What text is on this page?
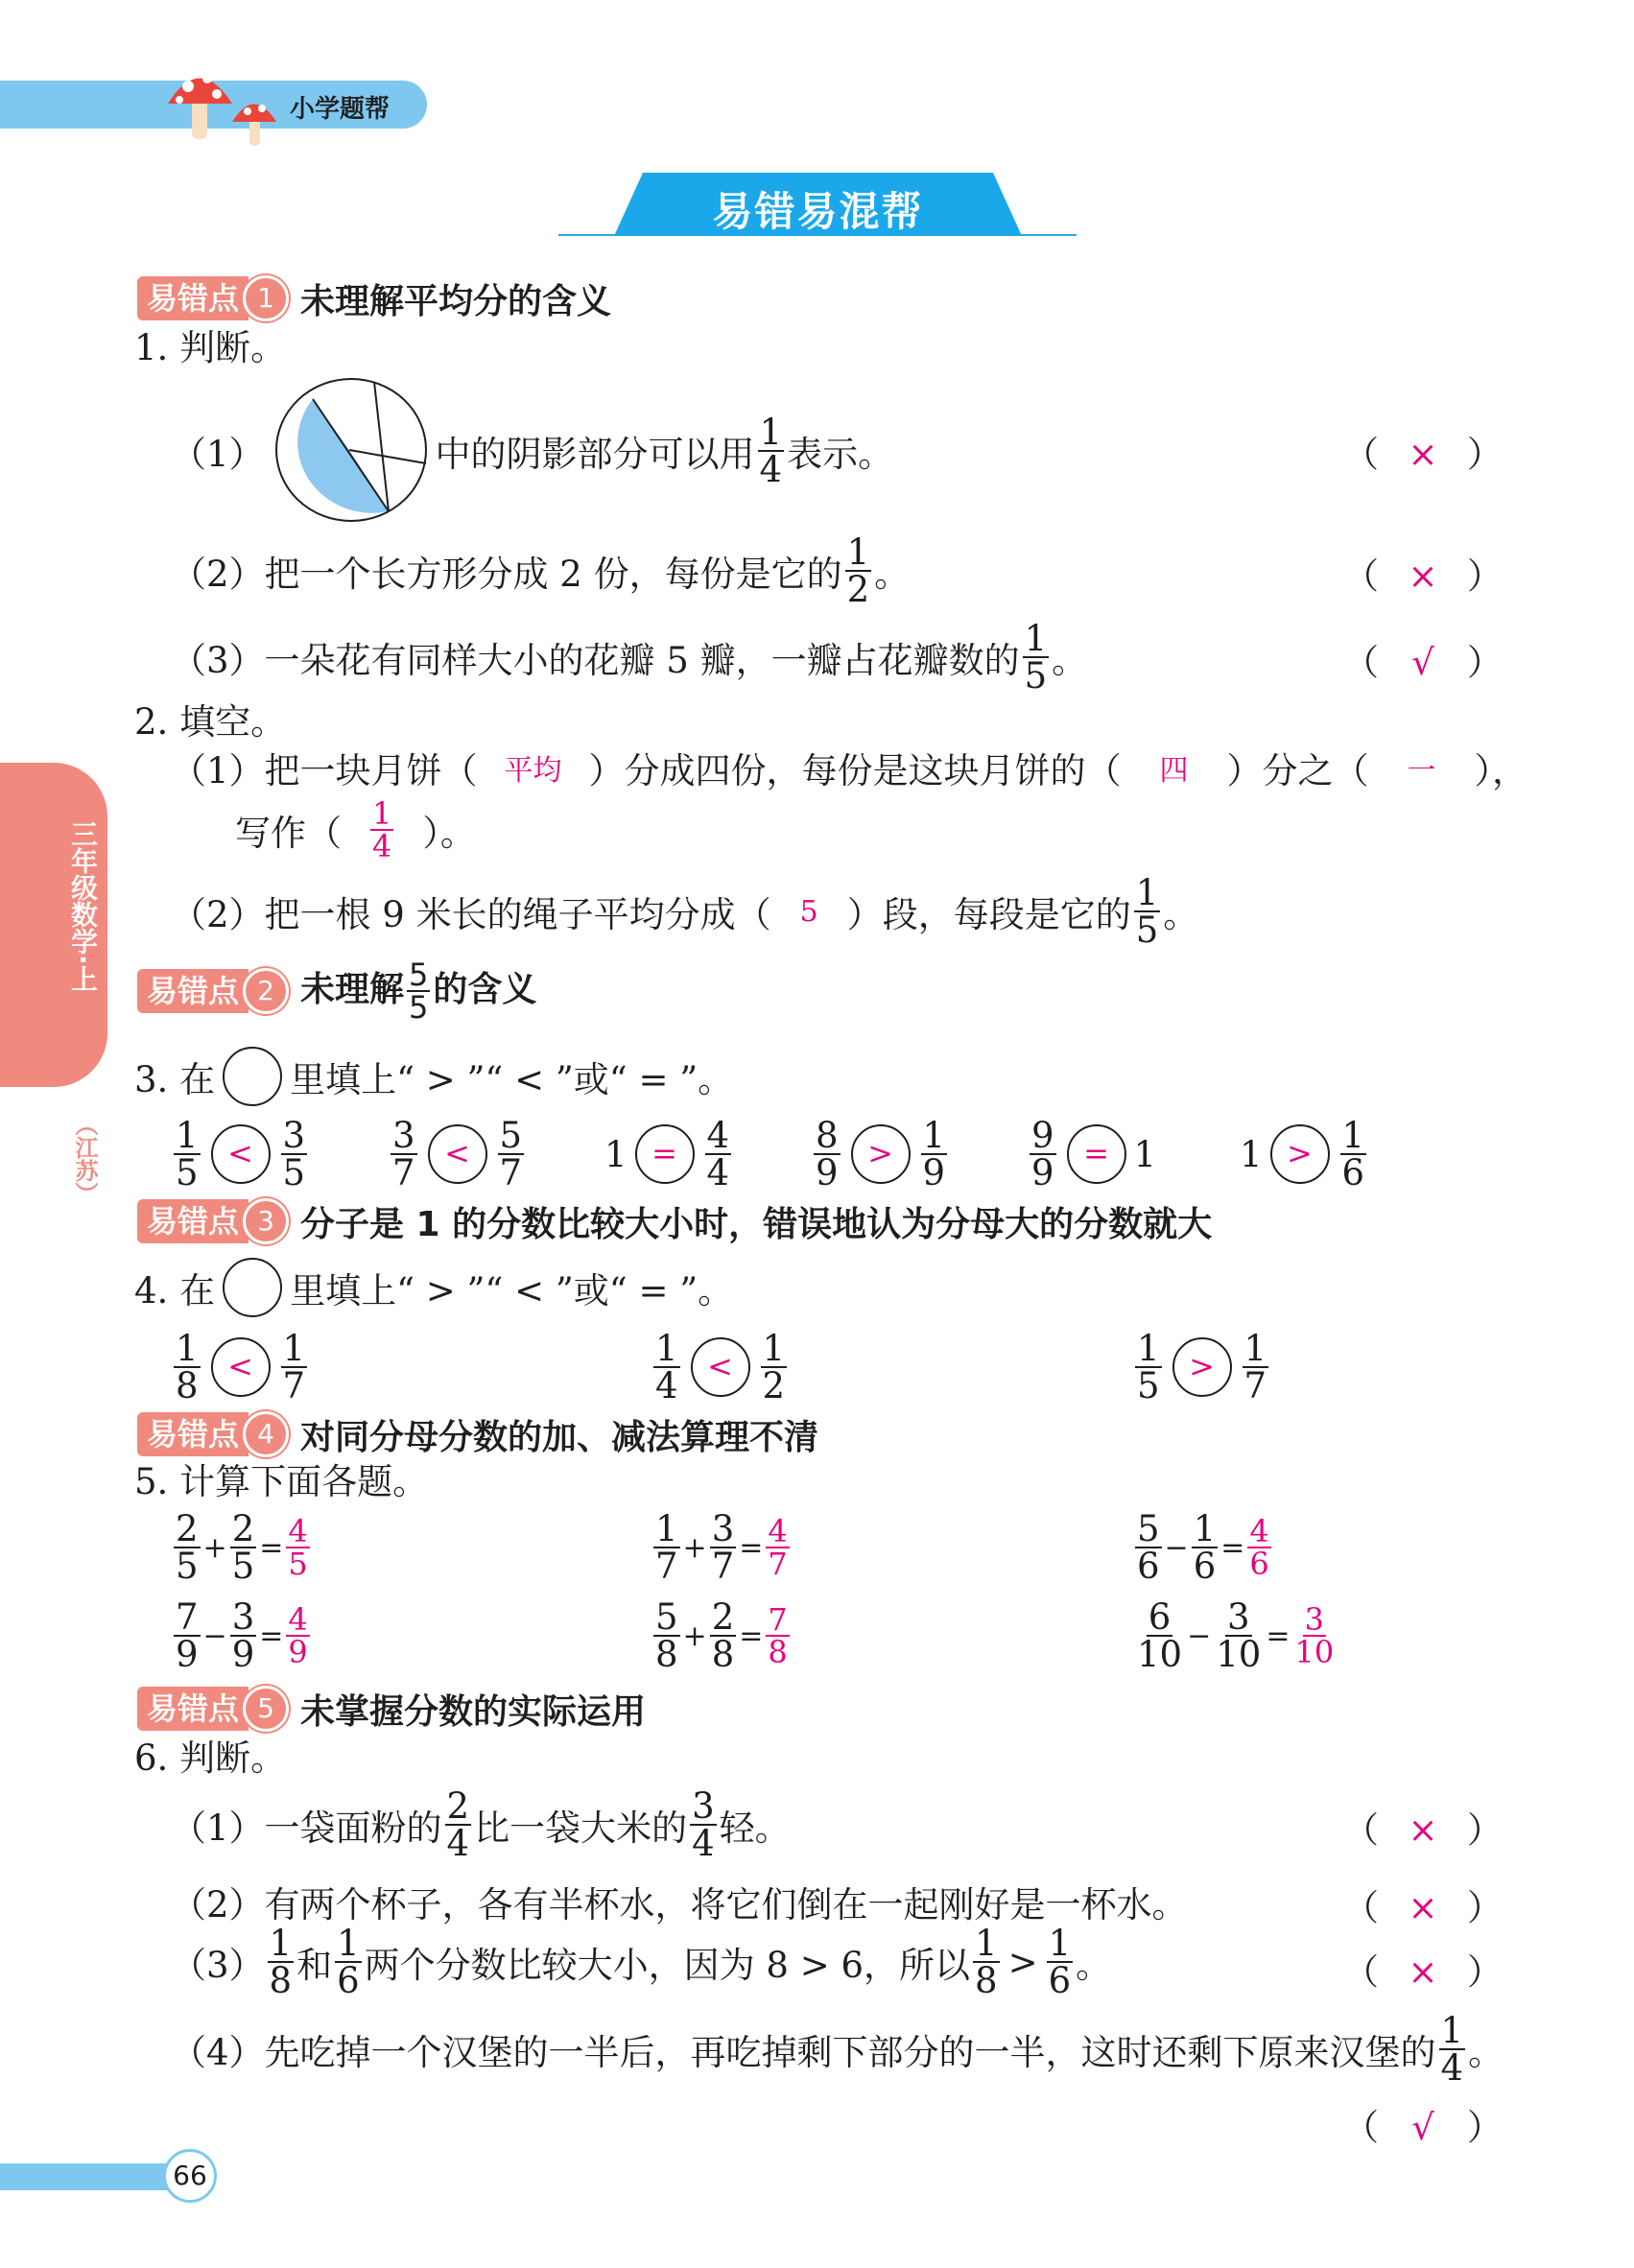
小学题帮
易错易混帮
三年级数学·上
（江苏）
易错点 1 未理解平均分的含义
1. 判断。
（1）	中的阴影部分可以用 $\frac{1}{4}$ 表示。	（ × ）
（2） 把一个长方形分成 2 份，每份是它的 $\frac{1}{2}$ 。	（ × ）
（3） 一朵花有同样大小的花瓣 5 瓣，一瓣占花瓣数的 $\frac{1}{5}$ 。	（ √ ）
2. 填空。
（1） 把一块月饼（ 平均 ）分成四份，每份是这块月饼的（	四	）分之（	一	），
写作（ $\frac{1}{4}$ ）。
（2） 把一根 9 米长的绳子平均分成（	5 ）段，每段是它的 $\frac{1}{5}$ 。
易错点 2 未理解 $\frac{5}{5}$ 的含义
3. 在 里填上“ > ”“ < ”或“ = ”。
$\frac{1}{5} < \frac{3}{5} \frac{3}{7} < \frac{5}{7} 1 = \frac{4}{4} \frac{8}{9} > \frac{1}{9} \frac{9}{9} = 1$ $1 > \frac{1}{6}$
易错点 3 分子是 1 的分数比较大小时，错误地认为分母大的分数就大
4. 在 里填上“ > ”“ < ”或“ = ”。
$\frac{1}{8} < \frac{1}{7}$	$\frac{1}{4} < \frac{1}{2}$	$\frac{1}{5} > \frac{1}{7}$
易错点 4 对同分母分数的加、减法算理不清
5. 计算下面各题。
$\frac{2}{5} + \frac{2}{5} = \frac{4}{5}$	$\frac{1}{7} + \frac{3}{7} = \frac{4}{7}$	$\frac{5}{6} - \frac{1}{6} = \frac{4}{6}$
$\frac{7}{9} - \frac{3}{9} = \frac{4}{9}$	$\frac{5}{8} + \frac{2}{8} = \frac{7}{8}$	$\frac{6}{10} - \frac{3}{10} = \frac{3}{10}$
易错点 5 未掌握分数的实际运用
6. 判断。
（1） 一袋面粉的 $\frac{2}{4}$ 比一袋大米的 $\frac{3}{4}$ 轻。	（ × ）
（2） 有两个杯子，各有半杯水，将它们倒在一起刚好是一杯水。	（ × ）
$(3) \frac{1}{8}$ 和 $\frac{1}{6}$ 两个分数比较大小，因为 8 > 6，所以 $\frac{1}{8} > \frac{1}{6}$ 。	（ × ）
（4） 先吃掉一个汉堡的一半后，再吃掉剩下部分的一半，这时还剩下原来汉堡的 $\frac{1}{4}$ 。
（ √ ）
66
